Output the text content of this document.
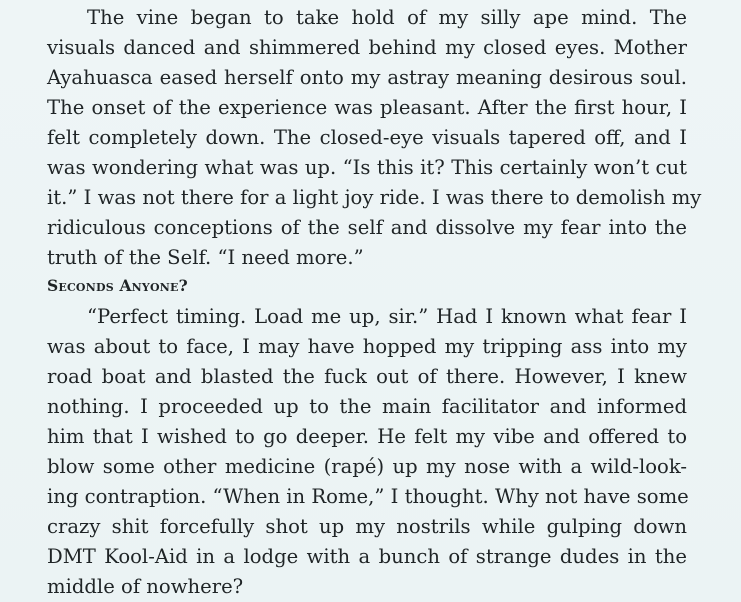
The vine began to take hold of my silly ape mind. The
visuals danced and shimmered behind my closed eyes. Mother
Ayahuasca eased herself onto my astray meaning desirous soul.
The onset of the experience was pleasant. After the first hour, I
felt completely down. The closed-eye visuals tapered off, and I
was wondering what was up. “Is this it? This certainly won’t cut
it.” I was not there for a light joy ride. I was there to demolish my
ridiculous conceptions of the self and dissolve my fear into the
truth of the Self. “I need more.”
Seconds Anyone?
“Perfect timing. Load me up, sir.” Had I known what fear I
was about to face, I may have hopped my tripping ass into my
road boat and blasted the fuck out of there. However, I knew
nothing. I proceeded up to the main facilitator and informed
him that I wished to go deeper. He felt my vibe and offered to
blow some other medicine (rapé) up my nose with a wild-look-
ing contraption. “When in Rome,” I thought. Why not have some
crazy shit forcefully shot up my nostrils while gulping down
DMT Kool-Aid in a lodge with a bunch of strange dudes in the
middle of nowhere?
